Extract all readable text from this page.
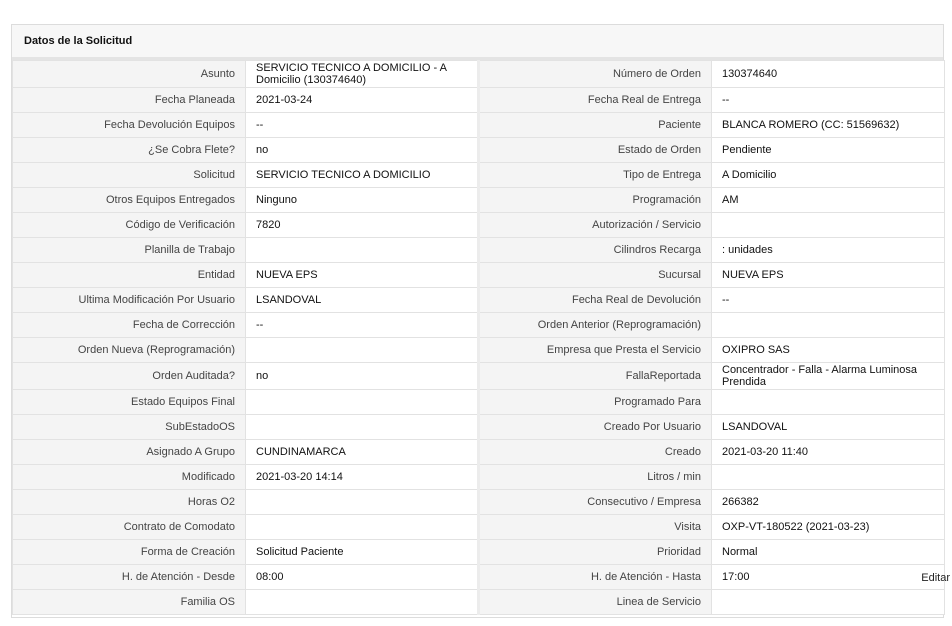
Datos de la Solicitud
Asunto	SERVICIO TECNICO A DOMICILIO - A Domicilio (130374640)	Número de Orden	130374640
Fecha Planeada	2021-03-24	Fecha Real de Entrega	--
Fecha Devolución Equipos	--	Paciente	BLANCA ROMERO (CC: 51569632)
¿Se Cobra Flete?	no	Estado de Orden	Pendiente
Solicitud	SERVICIO TECNICO A DOMICILIO	Tipo de Entrega	A Domicilio
Otros Equipos Entregados	Ninguno	Programación	AM
Código de Verificación	7820	Autorización / Servicio	
Planilla de Trabajo		Cilindros Recarga	: unidades
Entidad	NUEVA EPS	Sucursal	NUEVA EPS
Ultima Modificación Por Usuario	LSANDOVAL	Fecha Real de Devolución	--
Fecha de Corrección	--	Orden Anterior (Reprogramación)	
Orden Nueva (Reprogramación)		Empresa que Presta el Servicio	OXIPRO SAS
Orden Auditada?	no	FallaReportada	Concentrador - Falla - Alarma Luminosa Prendida
Estado Equipos Final		Programado Para	
SubEstadoOS		Creado Por Usuario	LSANDOVAL
Asignado A Grupo	CUNDINAMARCA	Creado	2021-03-20 11:40
Modificado	2021-03-20 14:14	Litros / min	
Horas O2		Consecutivo / Empresa	266382
Contrato de Comodato		Visita	OXP-VT-180522 (2021-03-23)
Forma de Creación	Solicitud Paciente	Prioridad	Normal
H. de Atención - Desde	08:00	H. de Atención - Hasta	17:00
Familia OS		Linea de Servicio	
Editar
